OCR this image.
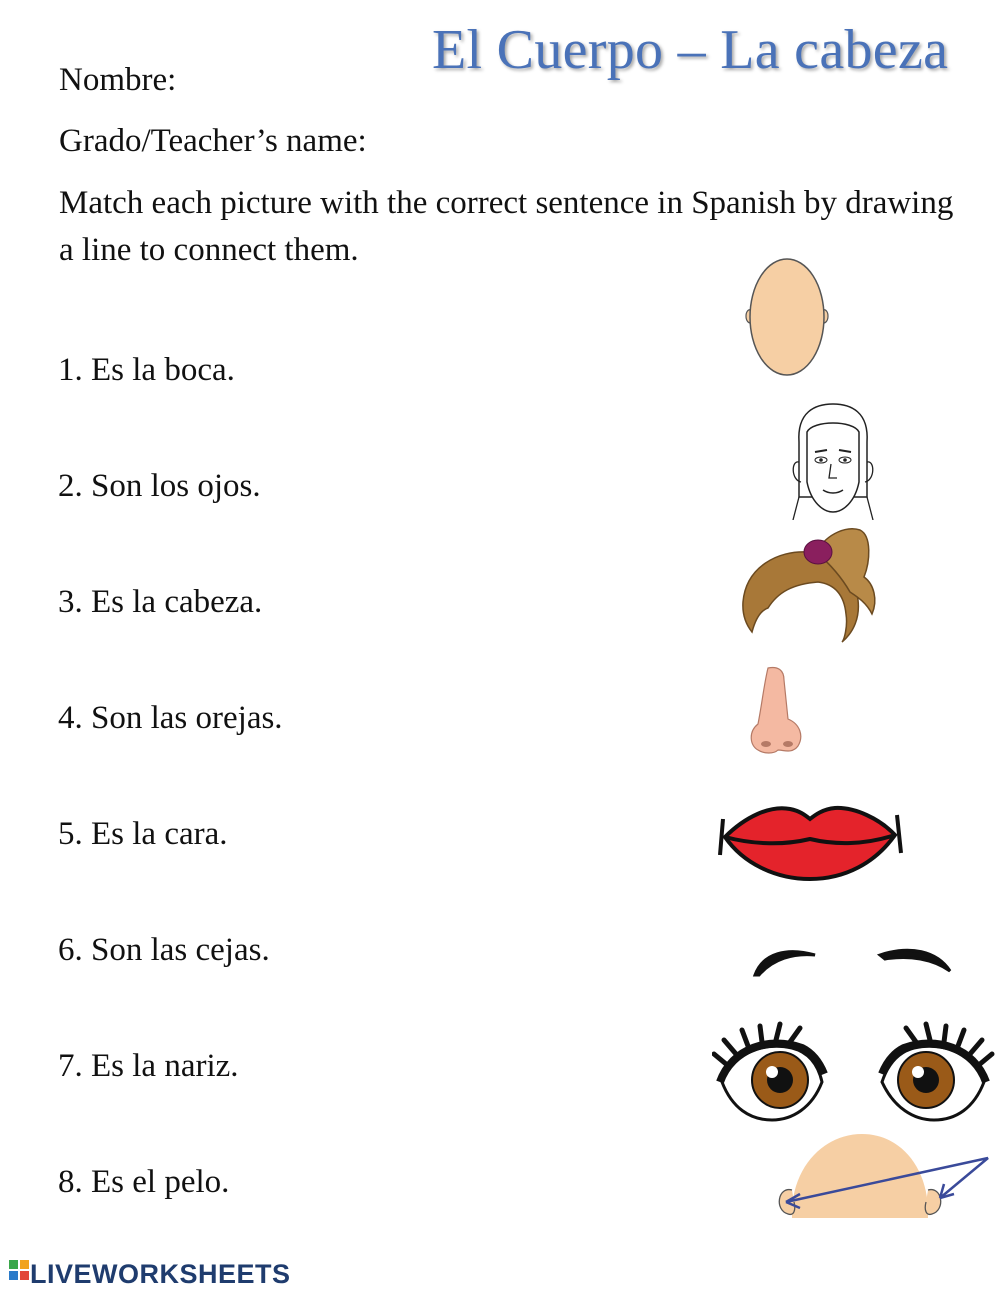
El Cuerpo – La cabeza
Nombre:
Grado/Teacher’s name:
Match each picture with the correct sentence in Spanish by drawing a line to connect them.
1. Es la boca.
2. Son los ojos.
3. Es la cabeza.
4. Son las orejas.
5. Es la cara.
6. Son las cejas.
7. Es la nariz.
8. Es el pelo.
LIVEWORKSHEETS
